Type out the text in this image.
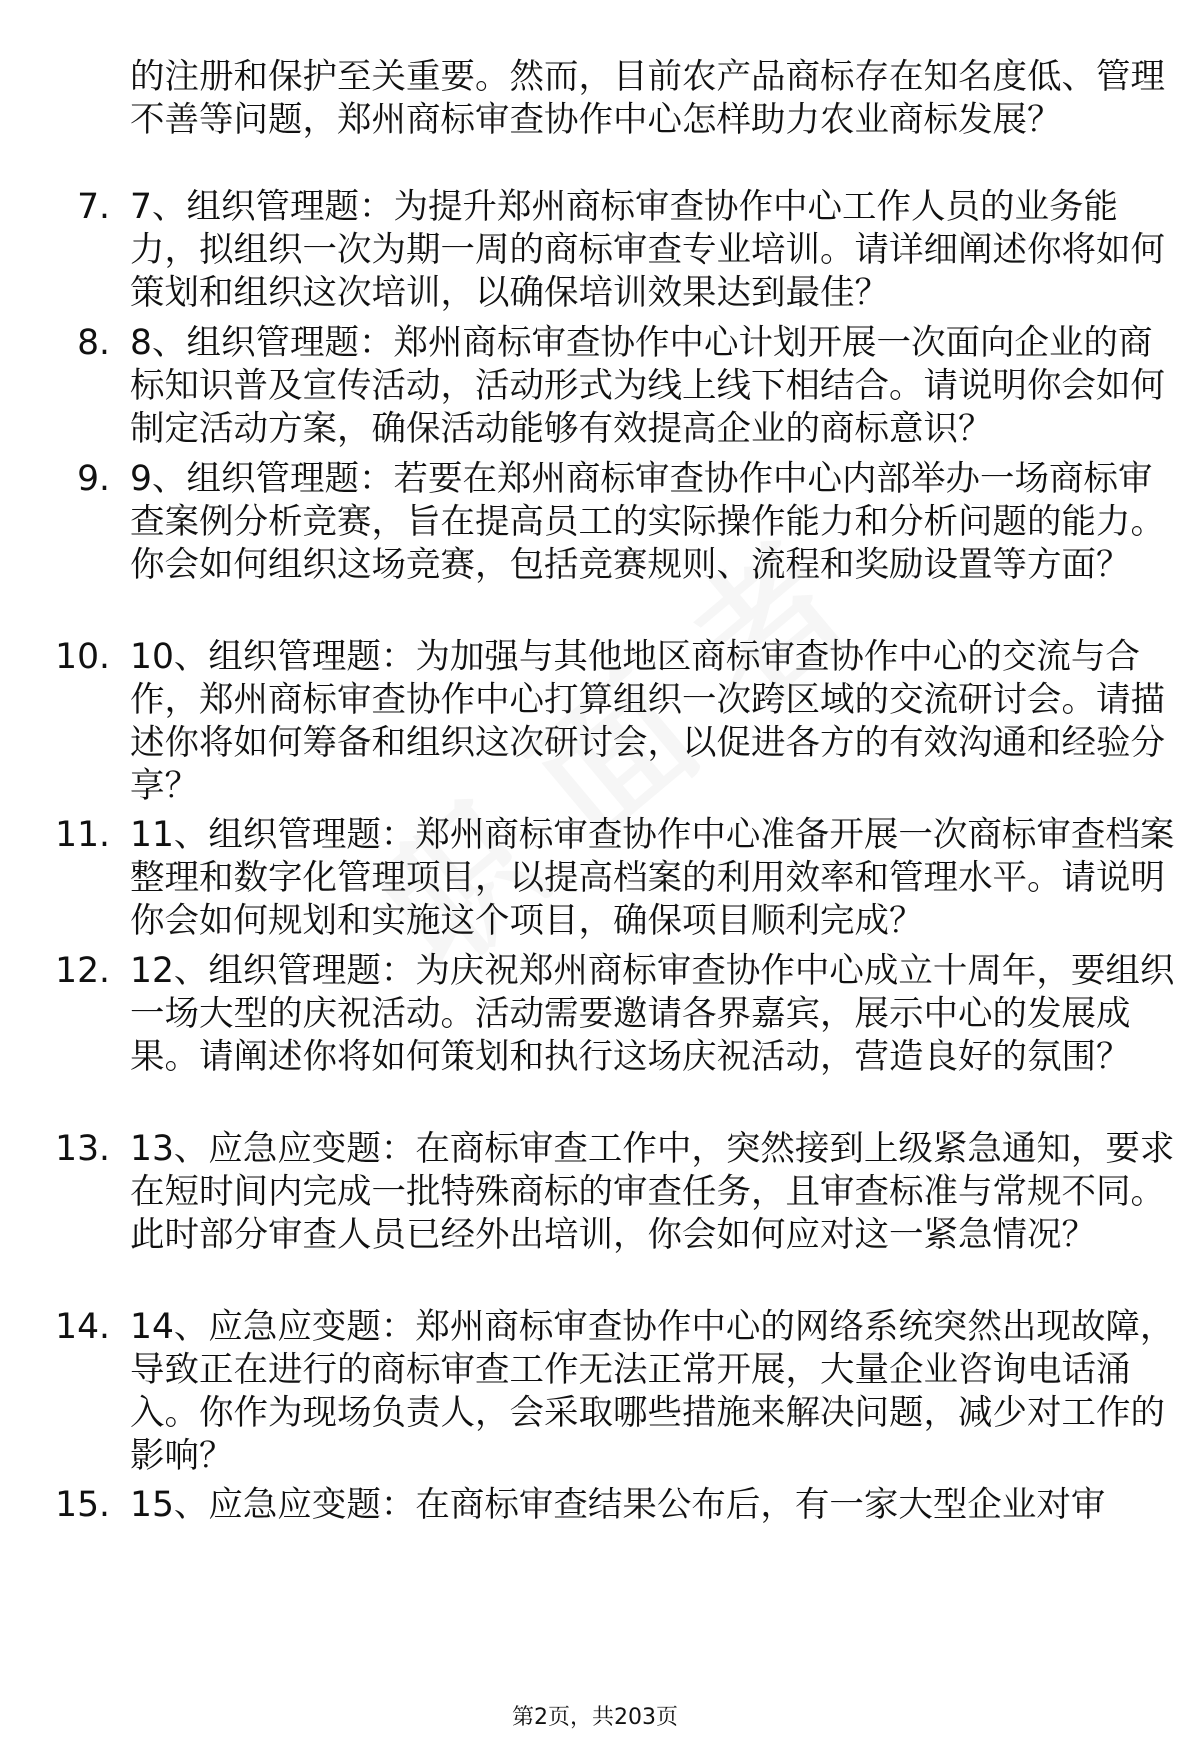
的注册和保护至关重要。然而，目前农产品商标存在知名度低、管理不善等问题，郑州商标审查协作中心怎样助力农业商标发展？
7. 7、组织管理题：为提升郑州商标审查协作中心工作人员的业务能力，拟组织一次为期一周的商标审查专业培训。请详细阐述你将如何策划和组织这次培训，以确保培训效果达到最佳？
8. 8、组织管理题：郑州商标审查协作中心计划开展一次面向企业的商标知识普及宣传活动，活动形式为线上线下相结合。请说明你会如何制定活动方案，确保活动能够有效提高企业的商标意识？
9. 9、组织管理题：若要在郑州商标审查协作中心内部举办一场商标审查案例分析竞赛，旨在提高员工的实际操作能力和分析问题的能力。你会如何组织这场竞赛，包括竞赛规则、流程和奖励设置等方面？
10. 10、组织管理题：为加强与其他地区商标审查协作中心的交流与合作，郑州商标审查协作中心打算组织一次跨区域的交流研讨会。请描述你将如何筹备和组织这次研讨会，以促进各方的有效沟通和经验分享？
11. 11、组织管理题：郑州商标审查协作中心准备开展一次商标审查档案整理和数字化管理项目，以提高档案的利用效率和管理水平。请说明你会如何规划和实施这个项目，确保项目顺利完成？
12. 12、组织管理题：为庆祝郑州商标审查协作中心成立十周年，要组织一场大型的庆祝活动。活动需要邀请各界嘉宾，展示中心的发展成果。请阐述你将如何策划和执行这场庆祝活动，营造良好的氛围？
13. 13、应急应变题：在商标审查工作中，突然接到上级紧急通知，要求在短时间内完成一批特殊商标的审查任务，且审查标准与常规不同。此时部分审查人员已经外出培训，你会如何应对这一紧急情况？
14. 14、应急应变题：郑州商标审查协作中心的网络系统突然出现故障，导致正在进行的商标审查工作无法正常开展，大量企业咨询电话涌入。你作为现场负责人，会采取哪些措施来解决问题，减少对工作的影响？
15. 15、应急应变题：在商标审查结果公布后，有一家大型企业对审
第2页，共203页
